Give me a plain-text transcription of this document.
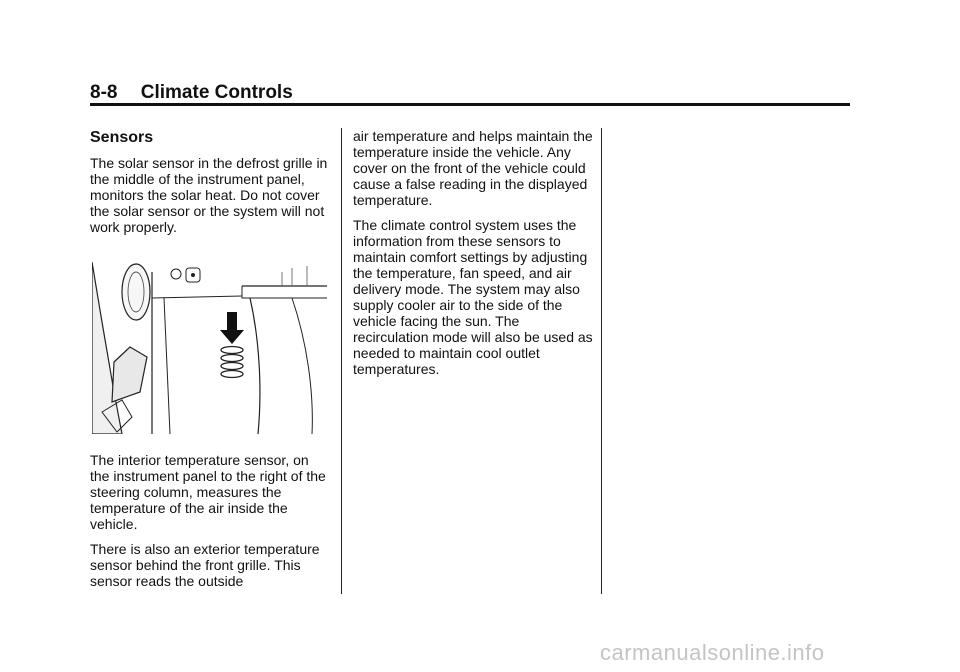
8-8 Climate Controls
Sensors

The solar sensor in the defrost grille in the middle of the instrument panel, monitors the solar heat. Do not cover the solar sensor or the system will not work properly.

The interior temperature sensor, on the instrument panel to the right of the steering column, measures the temperature of the air inside the vehicle.

There is also an exterior temperature sensor behind the front grille. This sensor reads the outside

air temperature and helps maintain the temperature inside the vehicle. Any cover on the front of the vehicle could cause a false reading in the displayed temperature.

The climate control system uses the information from these sensors to maintain comfort settings by adjusting the temperature, fan speed, and air delivery mode. The system may also supply cooler air to the side of the vehicle facing the sun. The recirculation mode will also be used as needed to maintain cool outlet temperatures.

carmanualsonline.info
